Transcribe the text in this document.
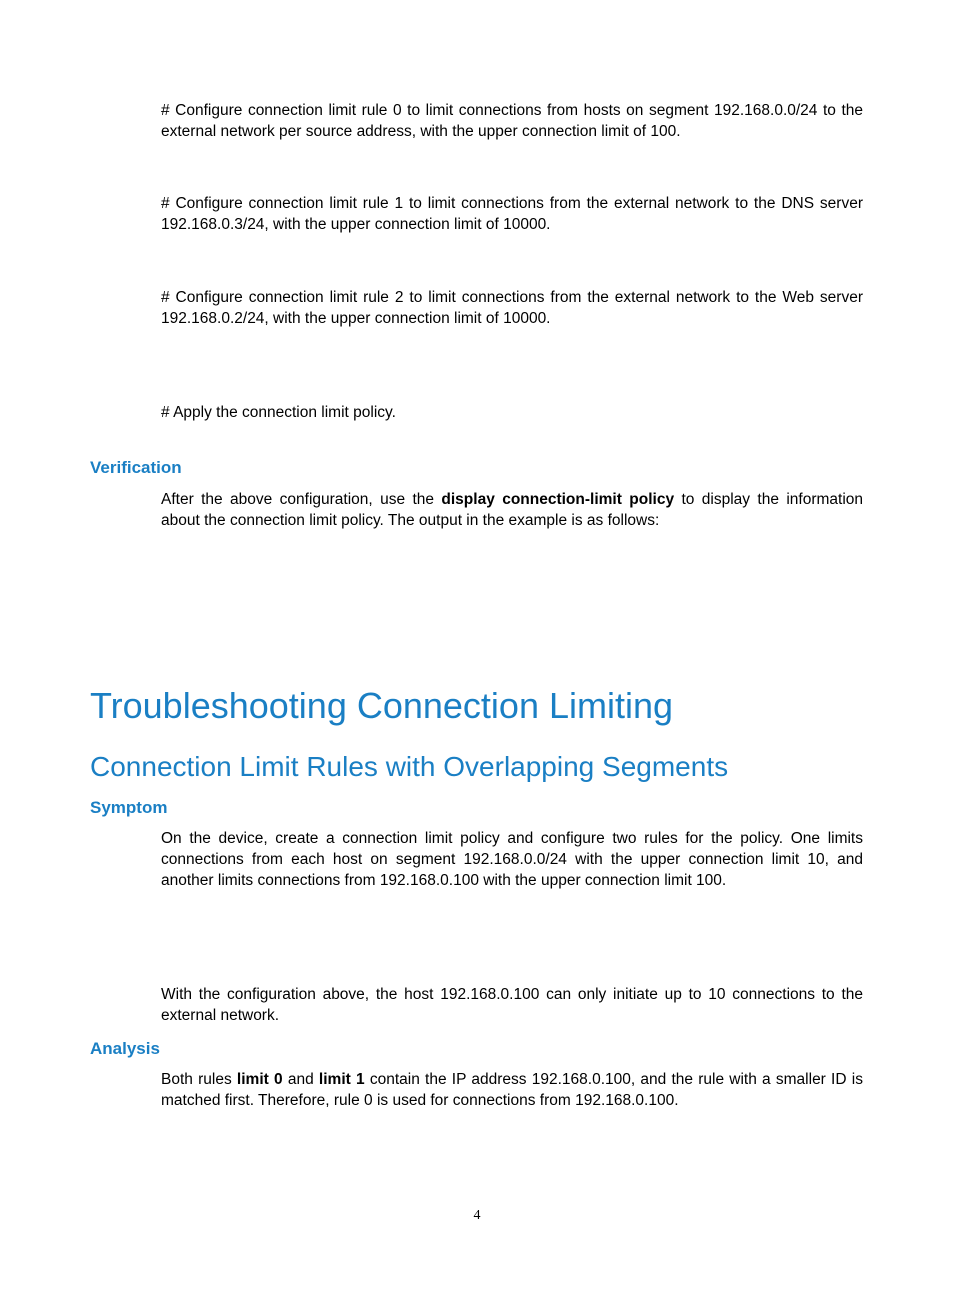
# Configure connection limit rule 0 to limit connections from hosts on segment 192.168.0.0/24 to the external network per source address, with the upper connection limit of 100.

# Configure connection limit rule 1 to limit connections from the external network to the DNS server 192.168.0.3/24, with the upper connection limit of 10000.

# Configure connection limit rule 2 to limit connections from the external network to the Web server 192.168.0.2/24, with the upper connection limit of 10000.

# Apply the connection limit policy.

Verification

After the above configuration, use the display connection-limit policy to display the information about the connection limit policy. The output in the example is as follows:

Troubleshooting Connection Limiting
Connection Limit Rules with Overlapping Segments
Symptom

On the device, create a connection limit policy and configure two rules for the policy. One limits connections from each host on segment 192.168.0.0/24 with the upper connection limit 10, and another limits connections from 192.168.0.100 with the upper connection limit 100.

With the configuration above, the host 192.168.0.100 can only initiate up to 10 connections to the external network.

Analysis

Both rules limit 0 and limit 1 contain the IP address 192.168.0.100, and the rule with a smaller ID is matched first. Therefore, rule 0 is used for connections from 192.168.0.100.

4
